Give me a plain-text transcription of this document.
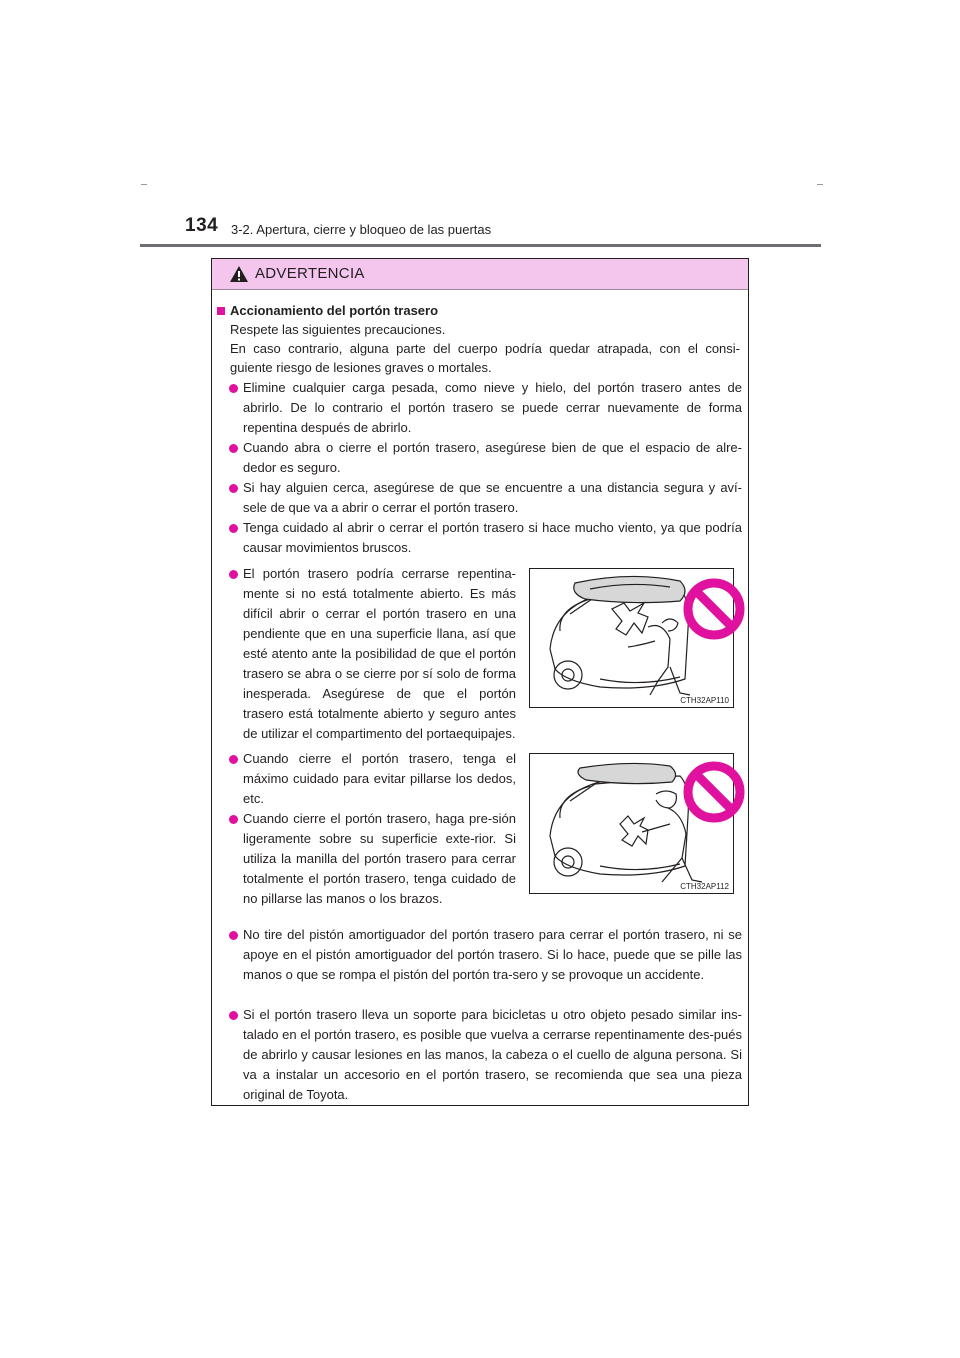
134 3-2. Apertura, cierre y bloqueo de las puertas
ADVERTENCIA
Accionamiento del portón trasero
Respete las siguientes precauciones.
En caso contrario, alguna parte del cuerpo podría quedar atrapada, con el consi-
guiente riesgo de lesiones graves o mortales.
Elimine cualquier carga pesada, como nieve y hielo, del portón trasero antes de abrirlo. De lo contrario el portón trasero se puede cerrar nuevamente de forma repentina después de abrirlo.
Cuando abra o cierre el portón trasero, asegúrese bien de que el espacio de alre-dedor es seguro.
Si hay alguien cerca, asegúrese de que se encuentre a una distancia segura y aví-sele de que va a abrir o cerrar el portón trasero.
Tenga cuidado al abrir o cerrar el portón trasero si hace mucho viento, ya que podría causar movimientos bruscos.
El portón trasero podría cerrarse repentina-mente si no está totalmente abierto. Es más difícil abrir o cerrar el portón trasero en una pendiente que en una superficie llana, así que esté atento ante la posibilidad de que el portón trasero se abra o se cierre por sí solo de forma inesperada. Asegúrese de que el portón trasero está totalmente abierto y seguro antes de utilizar el compartimento del portaequipajes.
CTH32AP110
Cuando cierre el portón trasero, tenga el máximo cuidado para evitar pillarse los dedos, etc.
Cuando cierre el portón trasero, haga pre-sión ligeramente sobre su superficie exte-rior. Si utiliza la manilla del portón trasero para cerrar totalmente el portón trasero, tenga cuidado de no pillarse las manos o los brazos.
CTH32AP112
No tire del pistón amortiguador del portón trasero para cerrar el portón trasero, ni se apoye en el pistón amortiguador del portón trasero. Si lo hace, puede que se pille las manos o que se rompa el pistón del portón tra-sero y se provoque un accidente.
Si el portón trasero lleva un soporte para bicicletas u otro objeto pesado similar ins-talado en el portón trasero, es posible que vuelva a cerrarse repentinamente des-pués de abrirlo y causar lesiones en las manos, la cabeza o el cuello de alguna persona. Si va a instalar un accesorio en el portón trasero, se recomienda que sea una pieza original de Toyota.
